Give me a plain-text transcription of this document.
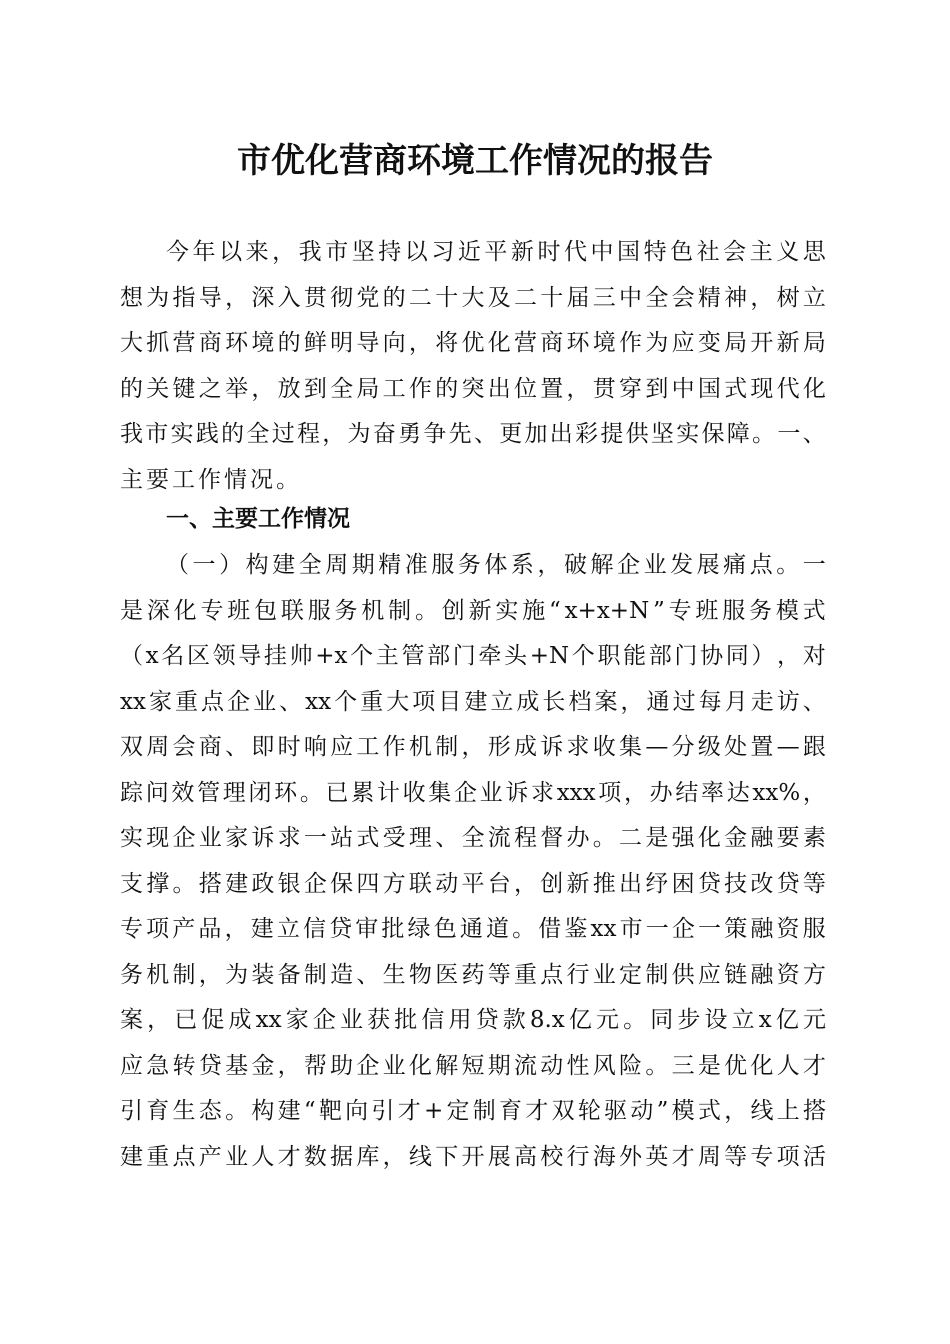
市优化营商环境工作情况的报告
今 年 以 来 ， 我 市 坚 持 以 习 近 平 新 时 代 中 国 特 色 社 会 主 义 思
想 为 指 导 ， 深 入 贯 彻 党 的 二 十 大 及 二 十 届 三 中 全 会 精 神 ， 树 立
大 抓 营 商 环 境 的 鲜 明 导 向 ， 将 优 化 营 商 环 境 作 为 应 变 局 开 新 局
的 关 键 之 举 ， 放 到 全 局 工 作 的 突 出 位 置 ， 贯 穿 到 中 国 式 现 代 化
我 市 实 践 的 全 过 程 ， 为 奋 勇 争 先 、 更 加 出 彩 提 供 坚 实 保 障 。 一 、
主要工作情况。
一、主要工作情况
（ 一 ） 构 建 全 周 期 精 准 服 务 体 系 ， 破 解 企 业 发 展 痛 点 。 一
是 深 化 专 班 包 联 服 务 机 制 。 创 新 实 施 “ x+x+N ” 专 班 服 务 模 式
（ x 名 区 领 导 挂 帅 +x 个 主 管 部 门 牵 头 +N 个 职 能 部 门 协 同 ） ， 对
xx 家 重 点 企 业 、 xx 个 重 大 项 目 建 立 成 长 档 案 ， 通 过 每 月 走 访 、
双 周 会 商 、 即 时 响 应 工 作 机 制 ， 形 成 诉 求 收 集 — 分 级 处 置 — 跟
踪 问 效 管 理 闭 环 。 已 累 计 收 集 企 业 诉 求 xxx 项 ， 办 结 率 达 xx% ，
实 现 企 业 家 诉 求 一 站 式 受 理 、 全 流 程 督 办 。 二 是 强 化 金 融 要 素
支 撑 。 搭 建 政 银 企 保 四 方 联 动 平 台 ， 创 新 推 出 纾 困 贷 技 改 贷 等
专 项 产 品 ， 建 立 信 贷 审 批 绿 色 通 道 。 借 鉴 xx 市 一 企 一 策 融 资 服
务 机 制 ， 为 装 备 制 造 、 生 物 医 药 等 重 点 行 业 定 制 供 应 链 融 资 方
案 ， 已 促 成 xx 家 企 业 获 批 信 用 贷 款 8.x 亿 元 。 同 步 设 立 x 亿 元
应 急 转 贷 基 金 ， 帮 助 企 业 化 解 短 期 流 动 性 风 险 。 三 是 优 化 人 才
引 育 生 态 。 构 建 “ 靶 向 引 才 + 定 制 育 才 双 轮 驱 动 ” 模 式 ， 线 上 搭
建 重 点 产 业 人 才 数 据 库 ， 线 下 开 展 高 校 行 海 外 英 才 周 等 专 项 活
